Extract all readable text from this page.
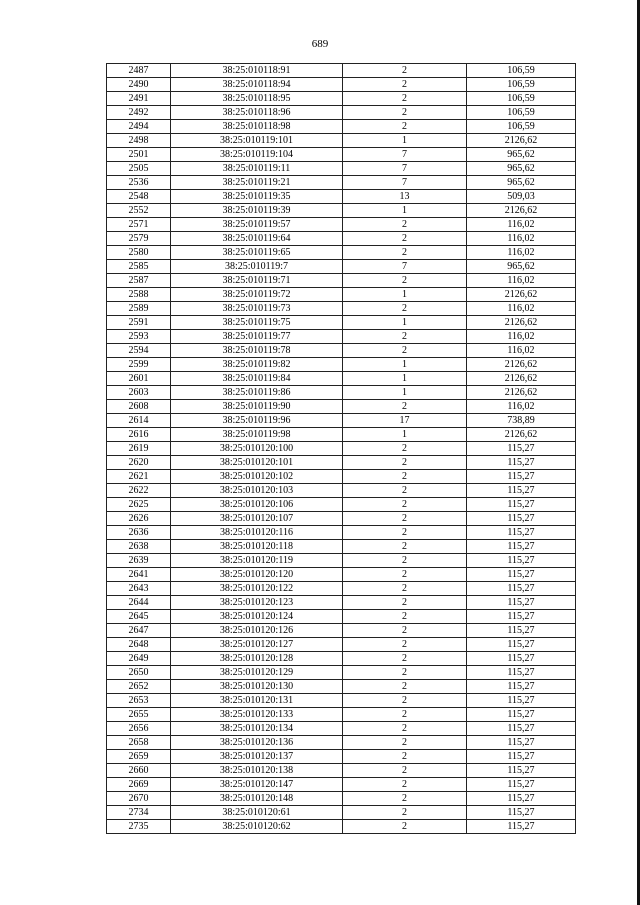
689
2487	38:25:010118:91	2	106,59
2490	38:25:010118:94	2	106,59
2491	38:25:010118:95	2	106,59
2492	38:25:010118:96	2	106,59
2494	38:25:010118:98	2	106,59
2498	38:25:010119:101	1	2126,62
2501	38:25:010119:104	7	965,62
2505	38:25:010119:11	7	965,62
2536	38:25:010119:21	7	965,62
2548	38:25:010119:35	13	509,03
2552	38:25:010119:39	1	2126,62
2571	38:25:010119:57	2	116,02
2579	38:25:010119:64	2	116,02
2580	38:25:010119:65	2	116,02
2585	38:25:010119:7	7	965,62
2587	38:25:010119:71	2	116,02
2588	38:25:010119:72	1	2126,62
2589	38:25:010119:73	2	116,02
2591	38:25:010119:75	1	2126,62
2593	38:25:010119:77	2	116,02
2594	38:25:010119:78	2	116,02
2599	38:25:010119:82	1	2126,62
2601	38:25:010119:84	1	2126,62
2603	38:25:010119:86	1	2126,62
2608	38:25:010119:90	2	116,02
2614	38:25:010119:96	17	738,89
2616	38:25:010119:98	1	2126,62
2619	38:25:010120:100	2	115,27
2620	38:25:010120:101	2	115,27
2621	38:25:010120:102	2	115,27
2622	38:25:010120:103	2	115,27
2625	38:25:010120:106	2	115,27
2626	38:25:010120:107	2	115,27
2636	38:25:010120:116	2	115,27
2638	38:25:010120:118	2	115,27
2639	38:25:010120:119	2	115,27
2641	38:25:010120:120	2	115,27
2643	38:25:010120:122	2	115,27
2644	38:25:010120:123	2	115,27
2645	38:25:010120:124	2	115,27
2647	38:25:010120:126	2	115,27
2648	38:25:010120:127	2	115,27
2649	38:25:010120:128	2	115,27
2650	38:25:010120:129	2	115,27
2652	38:25:010120:130	2	115,27
2653	38:25:010120:131	2	115,27
2655	38:25:010120:133	2	115,27
2656	38:25:010120:134	2	115,27
2658	38:25:010120:136	2	115,27
2659	38:25:010120:137	2	115,27
2660	38:25:010120:138	2	115,27
2669	38:25:010120:147	2	115,27
2670	38:25:010120:148	2	115,27
2734	38:25:010120:61	2	115,27
2735	38:25:010120:62	2	115,27
